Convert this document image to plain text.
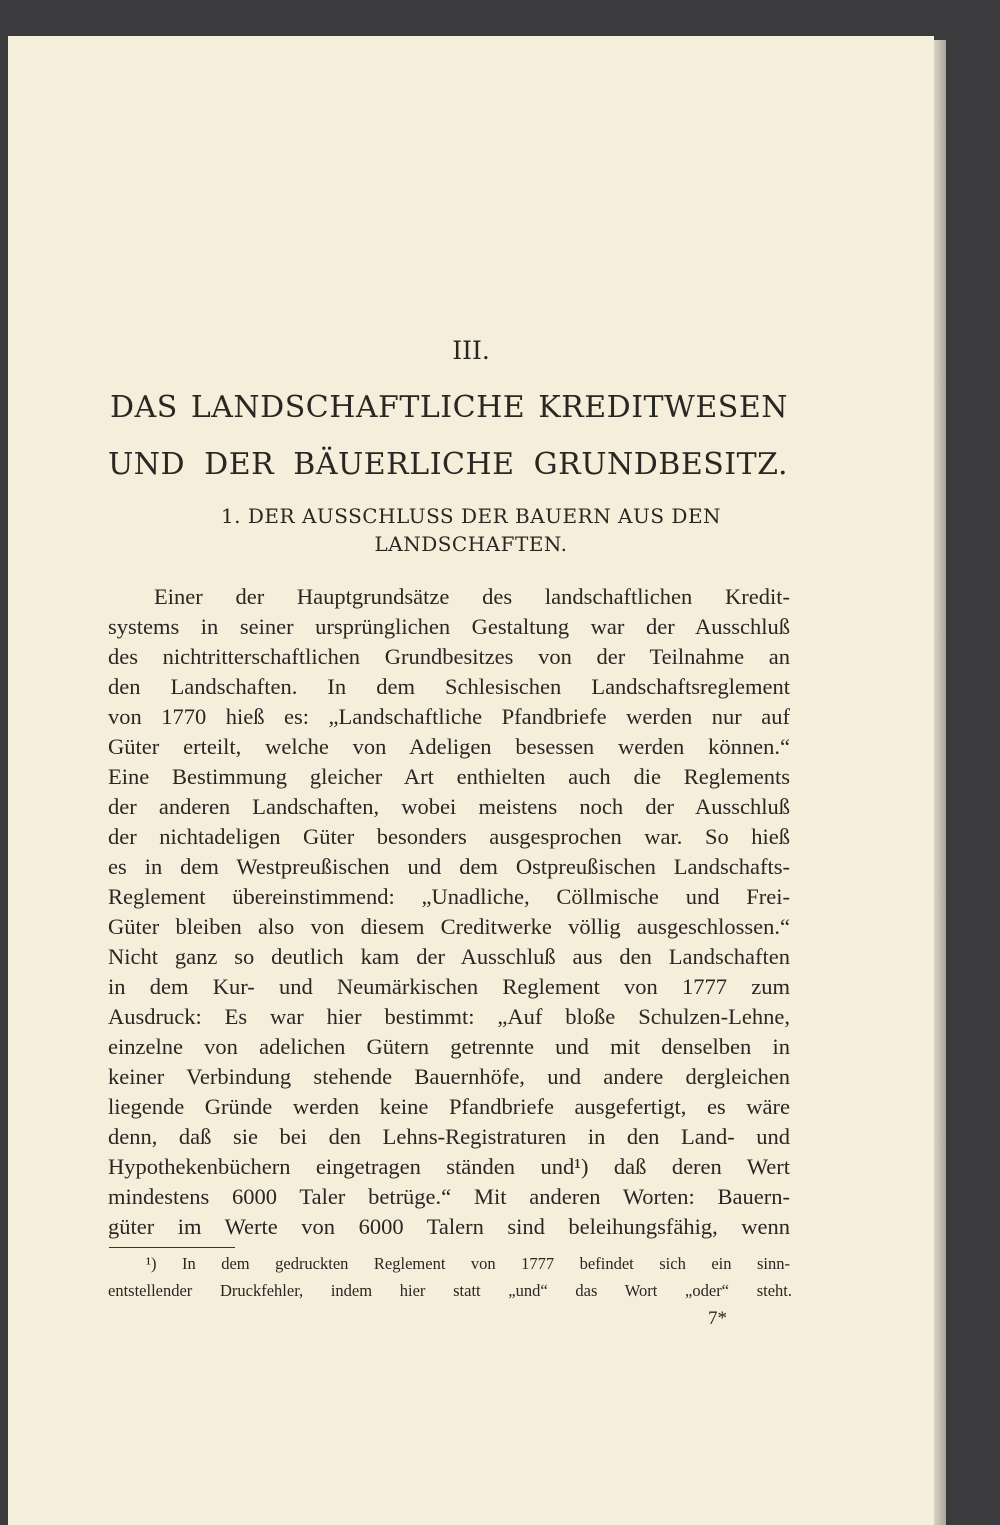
III.
DAS LANDSCHAFTLICHE KREDITWESEN
UND DER BÄUERLICHE GRUNDBESITZ.
1. DER AUSSCHLUSS DER BAUERN AUS DEN
LANDSCHAFTEN.
Einer der Hauptgrundsätze des landschaftlichen Kredit-
systems in seiner ursprünglichen Gestaltung war der Ausschluß
des nichtritterschaftlichen Grundbesitzes von der Teilnahme an
den Landschaften. In dem Schlesischen Landschaftsreglement
von 1770 hieß es: „Landschaftliche Pfandbriefe werden nur auf
Güter erteilt, welche von Adeligen besessen werden können.“
Eine Bestimmung gleicher Art enthielten auch die Reglements
der anderen Landschaften, wobei meistens noch der Ausschluß
der nichtadeligen Güter besonders ausgesprochen war. So hieß
es in dem Westpreußischen und dem Ostpreußischen Landschafts-
Reglement übereinstimmend: „Unadliche, Cöllmische und Frei-
Güter bleiben also von diesem Creditwerke völlig ausgeschlossen.“
Nicht ganz so deutlich kam der Ausschluß aus den Landschaften
in dem Kur- und Neumärkischen Reglement von 1777 zum
Ausdruck: Es war hier bestimmt: „Auf bloße Schulzen-Lehne,
einzelne von adelichen Gütern getrennte und mit denselben in
keiner Verbindung stehende Bauernhöfe, und andere dergleichen
liegende Gründe werden keine Pfandbriefe ausgefertigt, es wäre
denn, daß sie bei den Lehns-Registraturen in den Land- und
Hypothekenbüchern eingetragen ständen und¹) daß deren Wert
mindestens 6000 Taler betrüge.“ Mit anderen Worten: Bauern-
güter im Werte von 6000 Talern sind beleihungsfähig, wenn
¹) In dem gedruckten Reglement von 1777 befindet sich ein sinn-
entstellender Druckfehler, indem hier statt „und“ das Wort „oder“ steht.
7*
